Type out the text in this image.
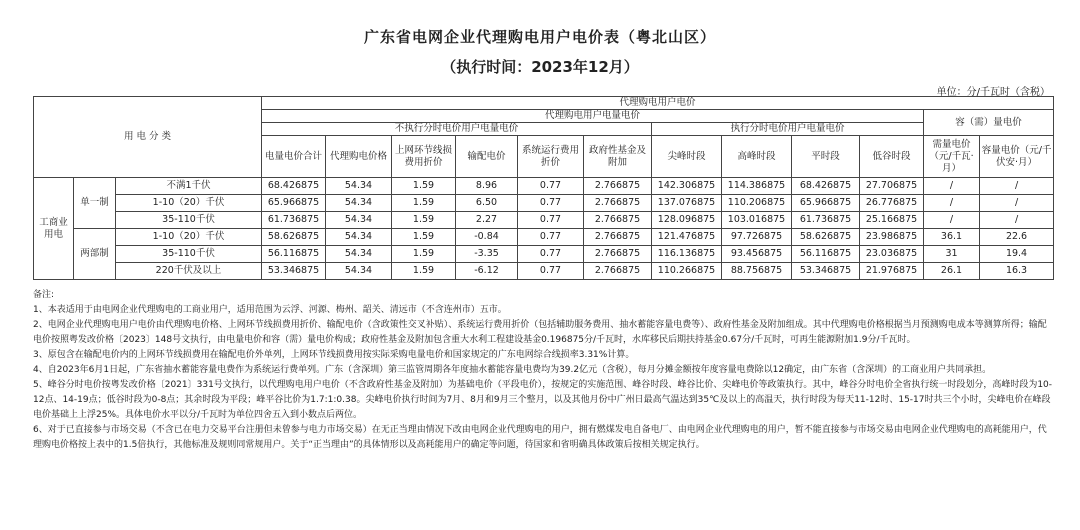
广东省电网企业代理购电用户电价表（粤北山区）
（执行时间：2023年12月）
单位：分/千瓦时（含税）
用 电 分 类			代理购电用户电价											
			代理购电用户电量电价										容（需）量电价	
			不执行分时电价用户电量电价						执行分时电价用户电量电价					
			电量电价合计	代理购电价格	上网环节线损费用折价	输配电价	系统运行费用折价	政府性基金及附加	尖峰时段	高峰时段	平时段	低谷时段	需量电价（元/千瓦·月）	容量电价（元/千伏安·月）
工商业用电	单一制	不满1千伏	68.426875	54.34	1.59	8.96	0.77	2.766875	142.306875	114.386875	68.426875	27.706875	/	/
		1-10（20）千伏	65.966875	54.34	1.59	6.50	0.77	2.766875	137.076875	110.206875	65.966875	26.776875	/	/
		35-110千伏	61.736875	54.34	1.59	2.27	0.77	2.766875	128.096875	103.016875	61.736875	25.166875	/	/
	两部制	1-10（20）千伏	58.626875	54.34	1.59	-0.84	0.77	2.766875	121.476875	97.726875	58.626875	23.986875	36.1	22.6
		35-110千伏	56.116875	54.34	1.59	-3.35	0.77	2.766875	116.136875	93.456875	56.116875	23.036875	31	19.4
		220千伏及以上	53.346875	54.34	1.59	-6.12	0.77	2.766875	110.266875	88.756875	53.346875	21.976875	26.1	16.3
备注:
1、本表适用于由电网企业代理购电的工商业用户，适用范围为云浮、河源、梅州、韶关、清远市（不含连州市）五市。
2、电网企业代理购电用户电价由代理购电价格、上网环节线损费用折价、输配电价（含政策性交叉补贴）、系统运行费用折价（包括辅助服务费用、抽水蓄能容量电费等）、政府性基金及附加组成。其中代理购电价格根据当月预测购电成本等测算所得；输配电价按照粤发改价格〔2023〕148号文执行，由电量电价和容（需）量电价构成；政府性基金及附加包含重大水利工程建设基金0.196875分/千瓦时，水库移民后期扶持基金0.67分/千瓦时，可再生能源附加1.9分/千瓦时。
3、原包含在输配电价内的上网环节线损费用在输配电价外单列，上网环节线损费用按实际采购电量电价和国家规定的广东电网综合线损率3.31%计算。
4、自2023年6月1日起，广东省抽水蓄能容量电费作为系统运行费单列。广东（含深圳）第三监管周期各年度抽水蓄能容量电费均为39.2亿元（含税），每月分摊金额按年度容量电费除以12确定，由广东省（含深圳）的工商业用户共同承担。
5、峰谷分时电价按粤发改价格〔2021〕331号文执行，以代理购电用户电价（不含政府性基金及附加）为基础电价（平段电价），按规定的实施范围、峰谷时段、峰谷比价、尖峰电价等政策执行。其中，峰谷分时电价全省执行统一时段划分，高峰时段为10-12点、14-19点；低谷时段为0-8点；其余时段为平段；峰平谷比价为1.7:1:0.38。尖峰电价执行时间为7月、8月和9月三个整月，以及其他月份中广州日最高气温达到35℃及以上的高温天，执行时段为每天11-12时、15-17时共三个小时，尖峰电价在峰段电价基础上上浮25%。具体电价水平以分/千瓦时为单位四舍五入到小数点后两位。
6、对于已直接参与市场交易（不含已在电力交易平台注册但未曾参与电力市场交易）在无正当理由情况下改由电网企业代理购电的用户，拥有燃煤发电自备电厂、由电网企业代理购电的用户，暂不能直接参与市场交易由电网企业代理购电的高耗能用户，代理购电价格按上表中的1.5倍执行，其他标准及规则同常规用户。关于“正当理由”的具体情形以及高耗能用户的确定等问题，待国家和省明确具体政策后按相关规定执行。
